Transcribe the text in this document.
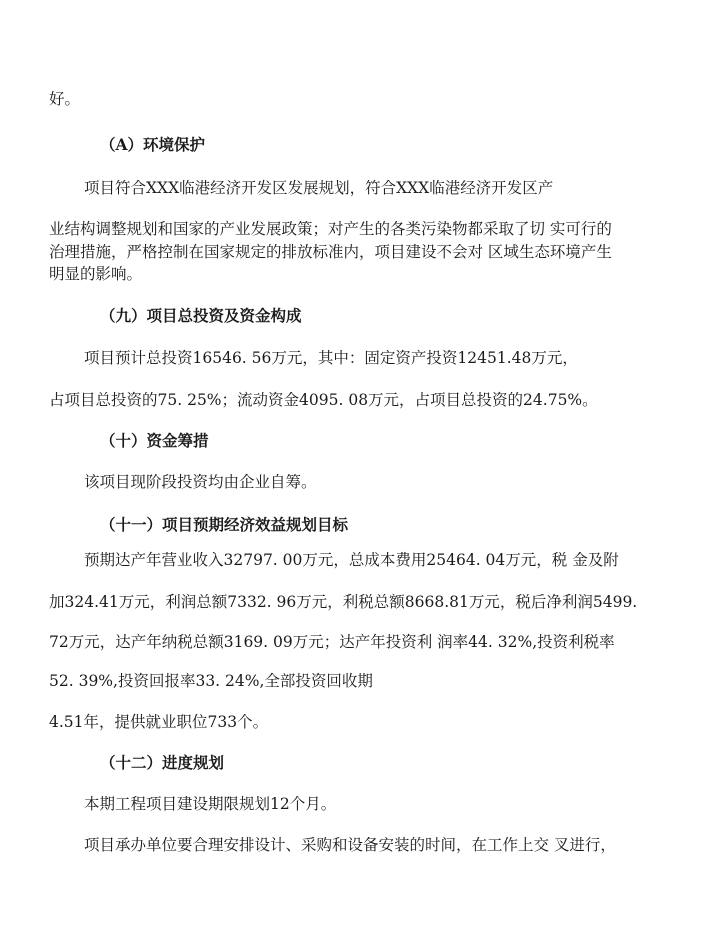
好。
（A）环境保护
项目符合XXX临港经济开发区发展规划，符合XXX临港经济开发区产
业结构调整规划和国家的产业发展政策；对产生的各类污染物都采取了切 实可行的
治理措施，严格控制在国家规定的排放标准内，项目建设不会对 区域生态环境产生
明显的影响。
（九）项目总投资及资金构成
项目预计总投资16546. 56万元，其中：固定资产投资12451.48万元，
占项目总投资的75. 25%；流动资金4095. 08万元，占项目总投资的24.75%。
（十）资金筹措
该项目现阶段投资均由企业自筹。
（十一）项目预期经济效益规划目标
预期达产年营业收入32797. 00万元，总成本费用25464. 04万元，税 金及附
加324.41万元，利润总额7332. 96万元，利税总额8668.81万元，税后净利润5499.
72万元，达产年纳税总额3169. 09万元；达产年投资利 润率44. 32%,投资利税率
52. 39%,投资回报率33. 24%,全部投资回收期
4.51年，提供就业职位733个。
（十二）进度规划
本期工程项目建设期限规划12个月。
项目承办单位要合理安排设计、采购和设备安装的时间，在工作上交 叉进行，
